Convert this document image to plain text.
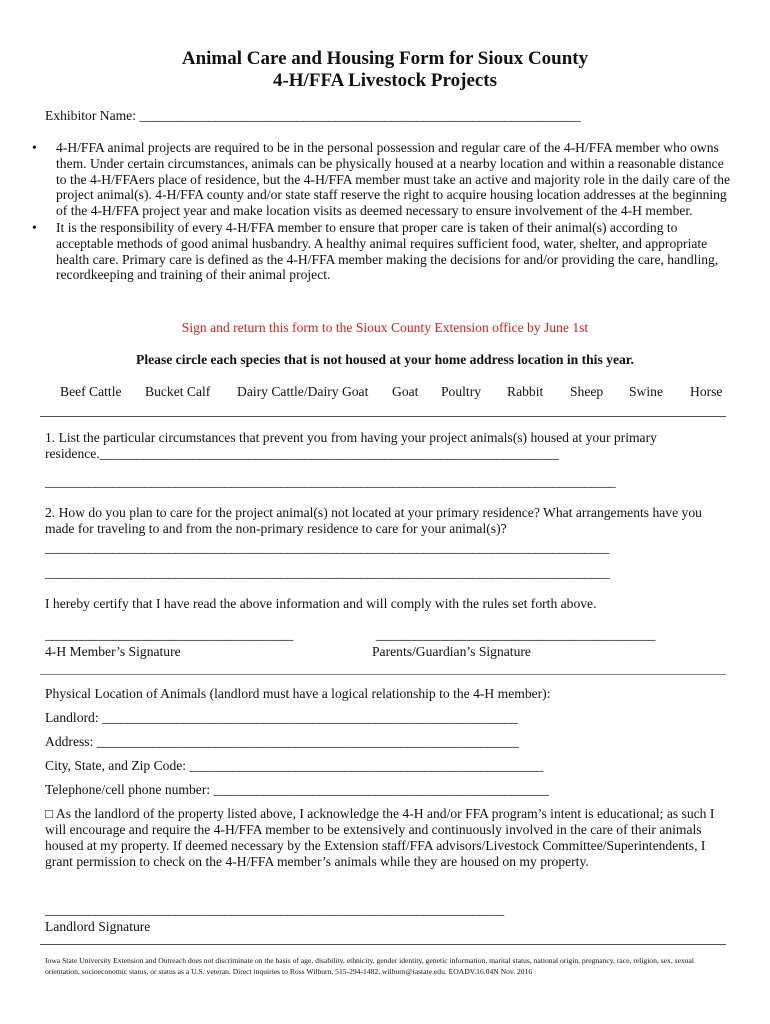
Animal Care and Housing Form for Sioux County
4-H/FFA Livestock Projects
Exhibitor Name: ______________________________________________________________________
• 4-H/FFA animal projects are required to be in the personal possession and regular care of the 4-H/FFA member who owns them. Under certain circumstances, animals can be physically housed at a nearby location and within a reasonable distance to the 4-H/FFAers place of residence, but the 4-H/FFA member must take an active and majority role in the daily care of the project animal(s). 4-H/FFA county and/or state staff reserve the right to acquire housing location addresses at the beginning of the 4-H/FFA project year and make location visits as deemed necessary to ensure involvement of the 4-H member.
• It is the responsibility of every 4-H/FFA member to ensure that proper care is taken of their animal(s) according to acceptable methods of good animal husbandry. A healthy animal requires sufficient food, water, shelter, and appropriate health care. Primary care is defined as the 4-H/FFA member making the decisions for and/or providing the care, handling, recordkeeping and training of their animal project.
Sign and return this form to the Sioux County Extension office by June 1st
Please circle each species that is not housed at your home address location in this year.
Beef Cattle Bucket Calf Dairy Cattle/Dairy Goat Goat Poultry Rabbit Sheep Swine Horse
1. List the particular circumstances that prevent you from having your project animals(s) housed at your primary residence.__________________________________________________________________________
____________________________________________________________________________________________
2. How do you plan to care for the project animal(s) not located at your primary residence? What arrangements have you made for traveling to and from the non-primary residence to care for your animal(s)?
___________________________________________________________________________________________
___________________________________________________________________________________________
I hereby certify that I have read the above information and will comply with the rules set forth above.
________________________________________
4-H Member’s Signature
_____________________________________________
Parents/Guardian’s Signature
Physical Location of Animals (landlord must have a logical relationship to the 4-H member):
Landlord: ___________________________________________________________________
Address: ____________________________________________________________________
City, State, and Zip Code: _________________________________________________________
Telephone/cell phone number: ______________________________________________________
□ As the landlord of the property listed above, I acknowledge the 4-H and/or FFA program’s intent is educational; as such I will encourage and require the 4-H/FFA member to be extensively and continuously involved in the care of their animals housed at my property. If deemed necessary by the Extension staff/FFA advisors/Livestock Committee/Superintendents, I grant permission to check on the 4-H/FFA member’s animals while they are housed on my property.
__________________________________________________________________________
Landlord Signature
Iowa State University Extension and Outreach does not discriminate on the basis of age, disability, ethnicity, gender identity, genetic information, marital status, national origin, pregnancy, race, religion, sex, sexual orientation, socioeconomic status, or status as a U.S. veteran. Direct inquiries to Ross Wilburn, 515-294-1482, wilburn@iastate.edu. EOADV.16.04N Nov. 2016
